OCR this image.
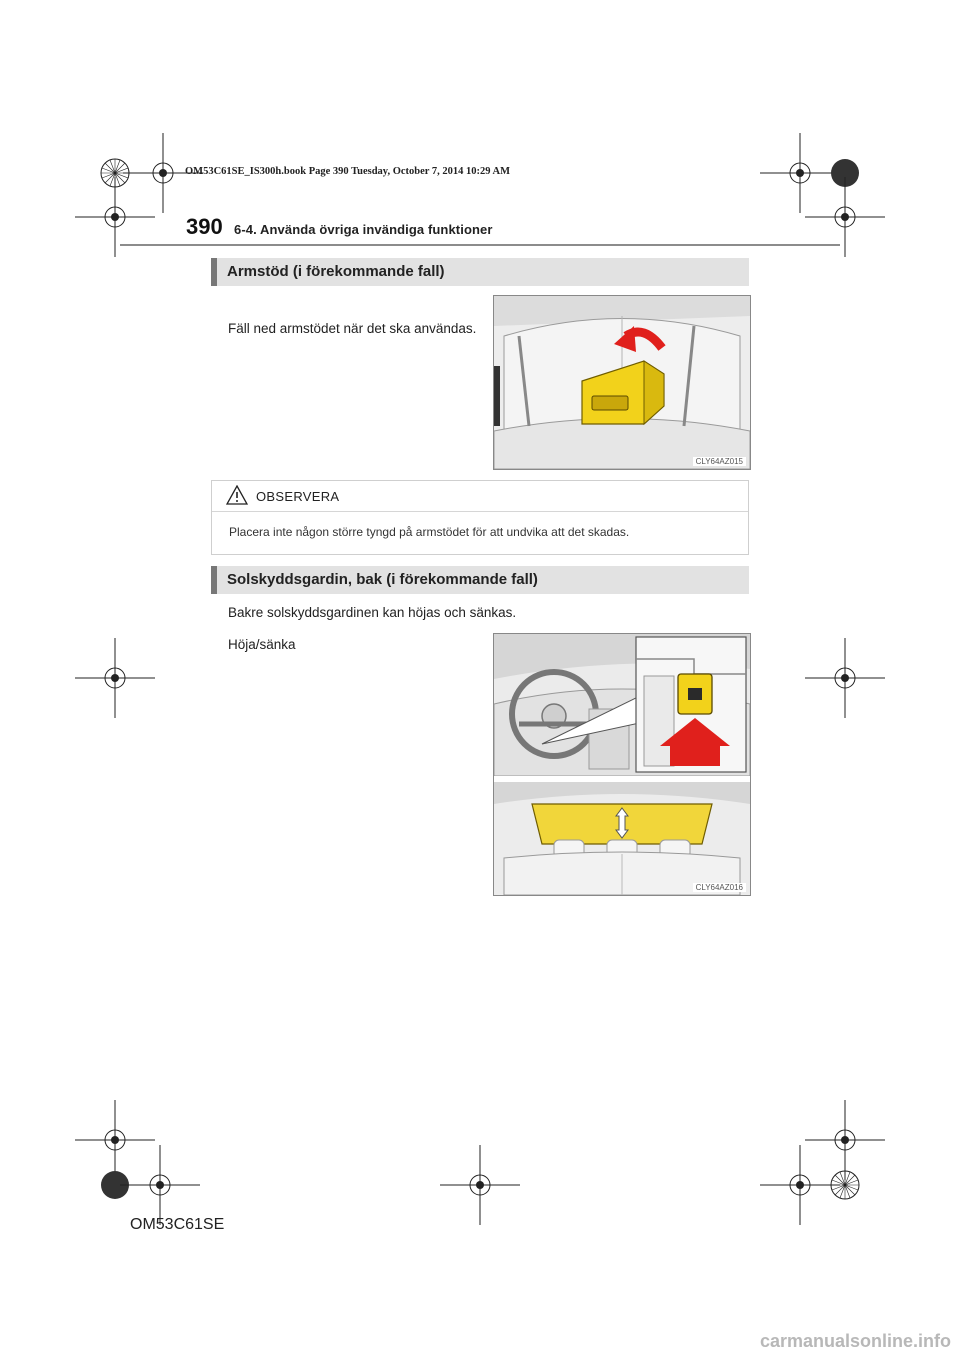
OM53C61SE_IS300h.book Page 390 Tuesday, October 7, 2014 10:29 AM
390 6-4. Använda övriga invändiga funktioner
Armstöd (i förekommande fall)
Fäll ned armstödet när det ska användas.
CLY64AZ015
OBSERVERA
Placera inte någon större tyngd på armstödet för att undvika att det skadas.
Solskyddsgardin, bak (i förekommande fall)
Bakre solskyddsgardinen kan höjas och sänkas.
Höja/sänka
CLY64AZ016
OM53C61SE
carmanualsonline.info
